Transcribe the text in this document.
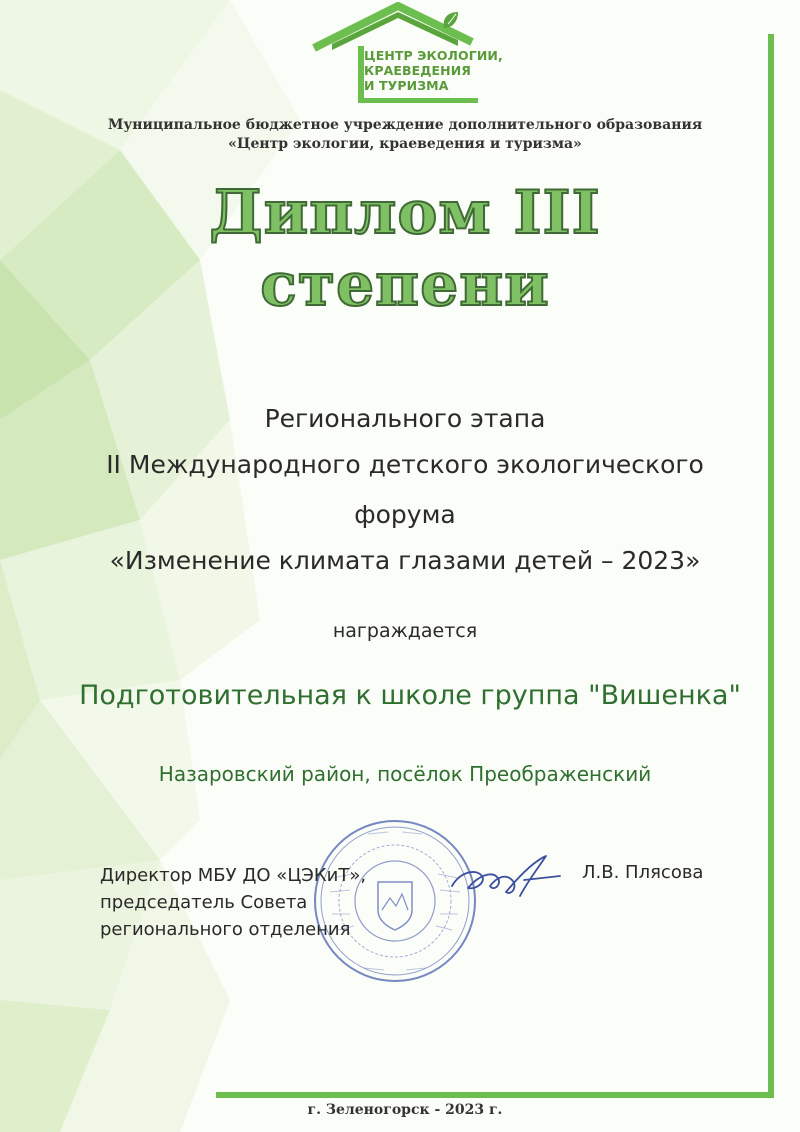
ЦЕНТР ЭКОЛОГИИ,
КРАЕВЕДЕНИЯ
И ТУРИЗМА
Муниципальное бюджетное учреждение дополнительного образования
«Центр экологии, краеведения и туризма»
Диплом III
степени
Регионального этапа
II Международного детского экологического
форума
«Изменение климата глазами детей – 2023»
награждается
Подготовительная к школе группа "Вишенка"
Назаровский район, посёлок Преображенский
Директор МБУ ДО «ЦЭКиТ»,
председатель Совета
регионального отделения
Л.В. Плясова
г. Зеленогорск - 2023 г.
